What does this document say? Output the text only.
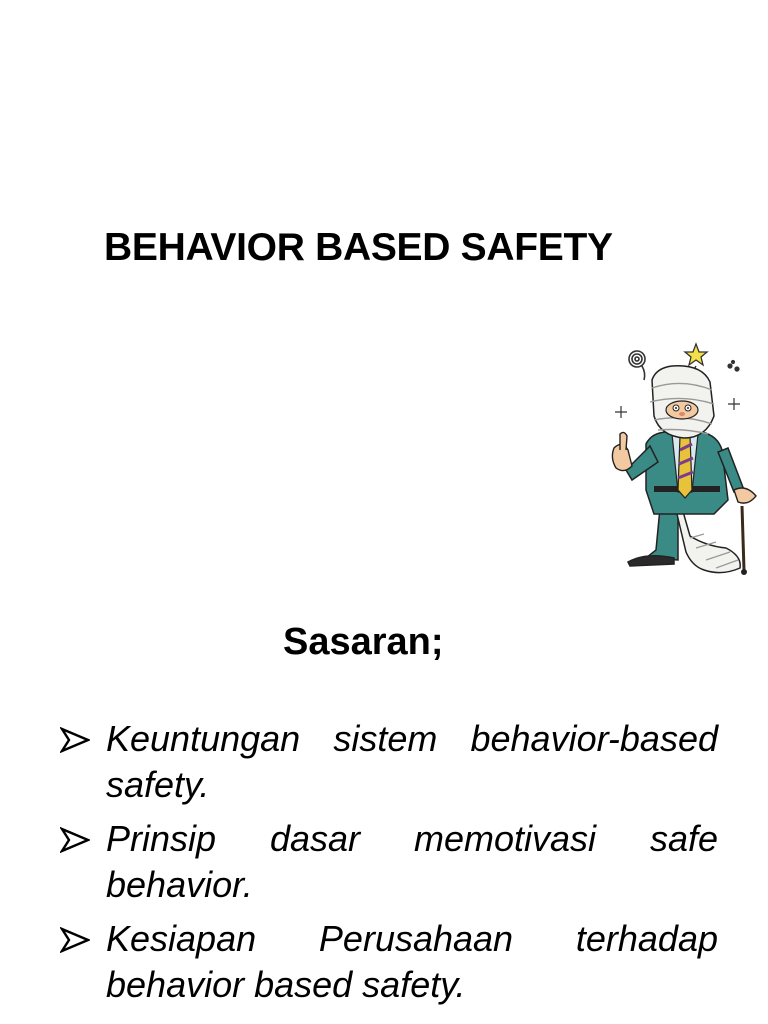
BEHAVIOR BASED SAFETY
Sasaran;
Keuntungan sistem behavior-based safety.
Prinsip dasar memotivasi safe behavior.
Kesiapan Perusahaan terhadap behavior based safety.
